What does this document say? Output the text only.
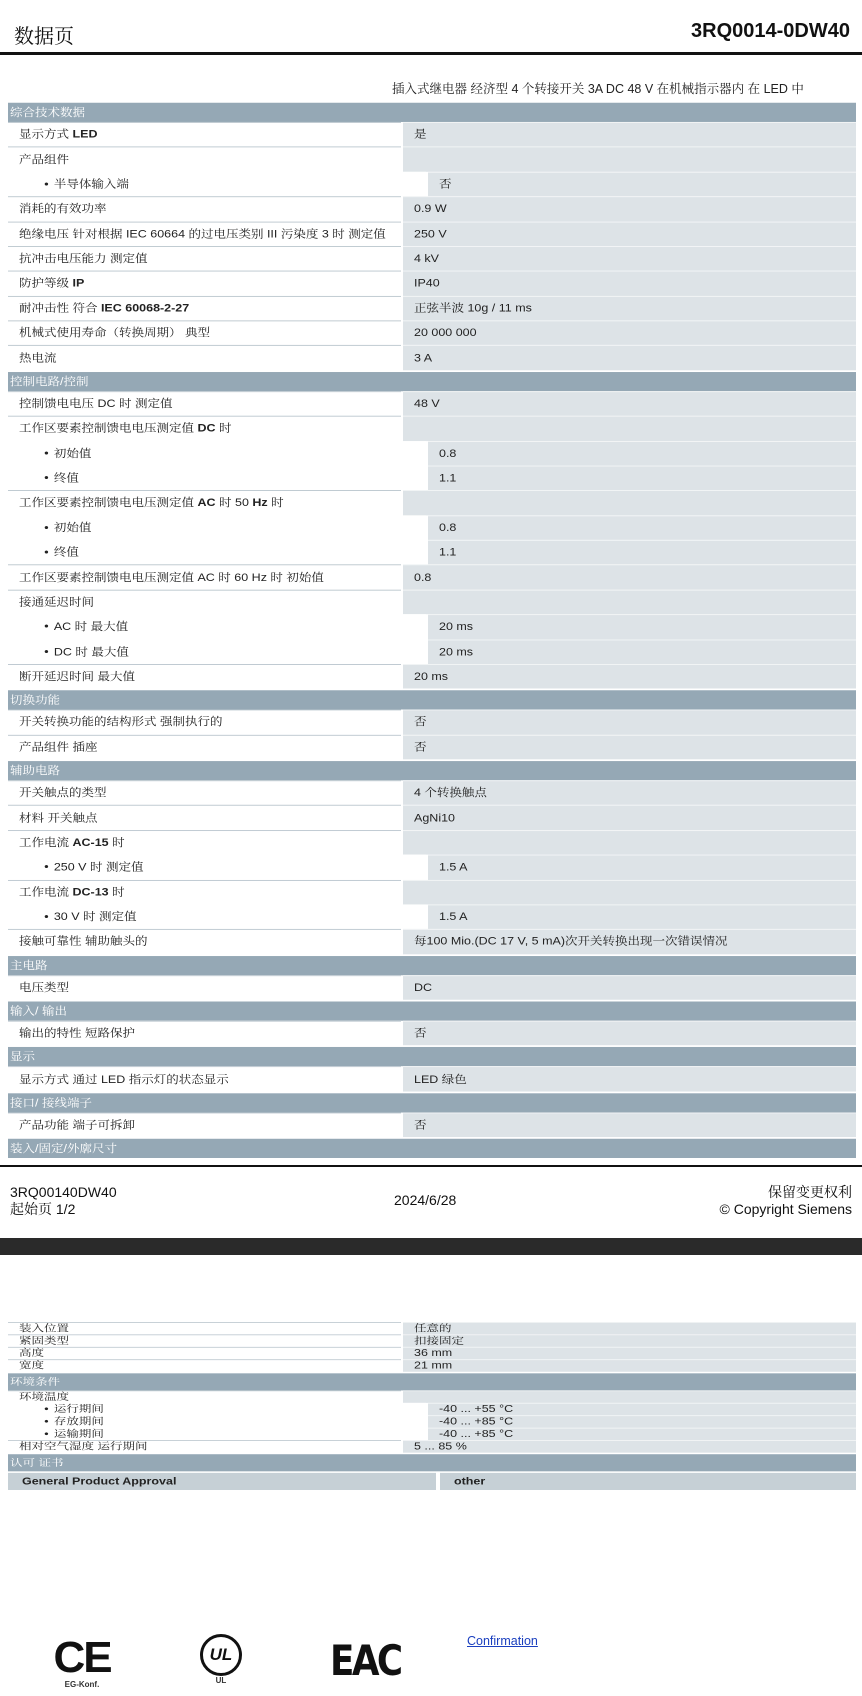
数据页	3RQ0014-0DW40
插入式继电器 经济型 4 个转接开关 3A DC 48 V 在机械指示器内 在 LED 中
综合技术数据
显示方式 LED	是
产品组件
● 半导体输入端	否
消耗的有效功率	0.9 W
绝缘电压 针对根据 IEC 60664 的过电压类别 III 污染度 3 时 测定值	250 V
抗冲击电压能力 测定值	4 kV
防护等级 IP	IP40
耐冲击性 符合 IEC 60068-2-27	正弦半波 10g / 11 ms
机械式使用寿命（转换周期） 典型	20 000 000
热电流	3 A
控制电路/控制
控制馈电电压 DC 时 测定值	48 V
工作区要素控制馈电电压测定值 DC 时
● 初始值	0.8
● 终值	1.1
工作区要素控制馈电电压测定值 AC 时 50 Hz 时
● 初始值	0.8
● 终值	1.1
工作区要素控制馈电电压测定值 AC 时 60 Hz 时 初始值	0.8
接通延迟时间
● AC 时 最大值	20 ms
● DC 时 最大值	20 ms
断开延迟时间 最大值	20 ms
切换功能
开关转换功能的结构形式 强制执行的	否
产品组件 插座	否
辅助电路
开关触点的类型	4 个转换触点
材料 开关触点	AgNi10
工作电流 AC-15 时
● 250 V 时 测定值	1.5 A
工作电流 DC-13 时
● 30 V 时 测定值	1.5 A
接触可靠性 辅助触头的	每100 Mio.(DC 17 V, 5 mA)次开关转换出现一次错误情况
主电路
电压类型	DC
输入/ 输出
输出的特性 短路保护	否
显示
显示方式 通过 LED 指示灯的状态显示	LED 绿色
接口/ 接线端子
产品功能 端子可拆卸	否
装入/固定/外廓尺寸
3RQ00140DW40
起始页 1/2
2024/6/28	保留变更权利
© Copyright Siemens
装入位置	任意的
紧固类型	扣接固定
高度	36 mm
宽度	21 mm
环境条件
环境温度
● 运行期间	-40 ... +55 °C
● 存放期间	-40 ... +85 °C
● 运输期间	-40 ... +85 °C
相对空气湿度 运行期间	5 ... 85 %
认可 证书
General Product Approval	other
CE
EG-Konf.
UL
UL	EAC	Confirmation
